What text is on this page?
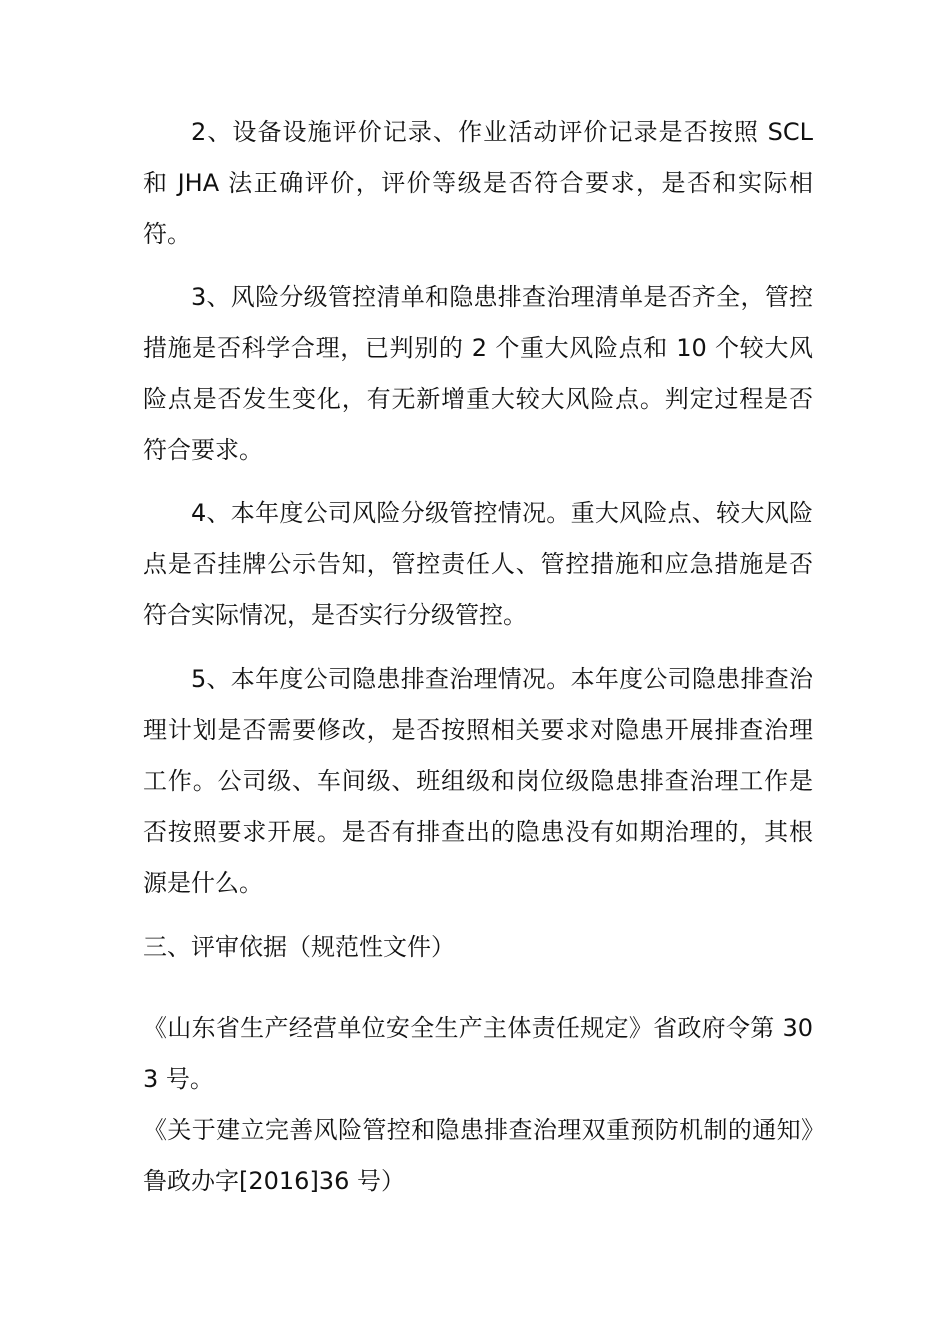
2、设备设施评价记录、作业活动评价记录是否按照 SCL 和 JHA 法正确评价，评价等级是否符合要求，是否和实际相符。

3、风险分级管控清单和隐患排查治理清单是否齐全，管控措施是否科学合理，已判别的 2 个重大风险点和 10 个较大风险点是否发生变化，有无新增重大较大风险点。判定过程是否符合要求。

4、本年度公司风险分级管控情况。重大风险点、较大风险点是否挂牌公示告知，管控责任人、管控措施和应急措施是否符合实际情况，是否实行分级管控。

5、本年度公司隐患排查治理情况。本年度公司隐患排查治理计划是否需要修改，是否按照相关要求对隐患开展排查治理工作。公司级、车间级、班组级和岗位级隐患排查治理工作是否按照要求开展。是否有排查出的隐患没有如期治理的，其根源是什么。

三、评审依据（规范性文件）

《山东省生产经营单位安全生产主体责任规定》省政府令第 303 号。

《关于建立完善风险管控和隐患排查治理双重预防机制的通知》鲁政办字[2016]36 号）
